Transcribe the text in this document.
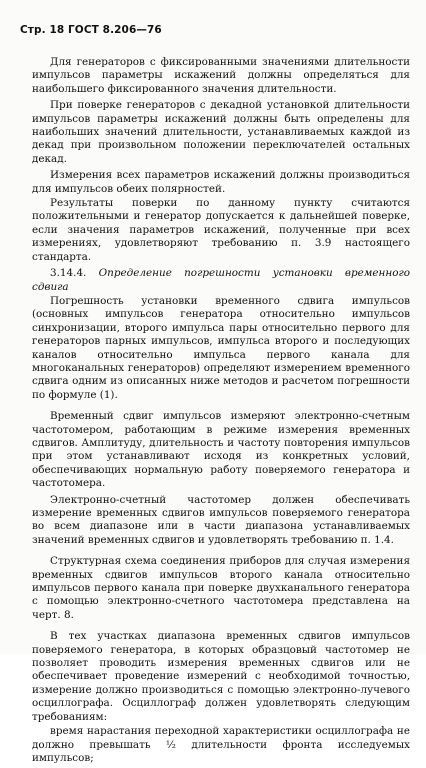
Стр. 18 ГОСТ 8.206—76

Для генераторов с фиксированными значениями длительности импульсов параметры искажений должны определяться для наибольшего фиксированного значения длительности.

При поверке генераторов с декадной установкой длительности импульсов параметры искажений должны быть определены для наибольших значений длительности, устанавливаемых каждой из декад при произвольном положении переключателей остальных декад.

Измерения всех параметров искажений должны производиться для импульсов обеих полярностей.

Результаты поверки по данному пункту считаются положительными и генератор допускается к дальнейшей поверке, если значения параметров искажений, полученные при всех измерениях, удовлетворяют требованию п. 3.9 настоящего стандарта.

3.14.4. Определение погрешности установки временного сдвига

Погрешность установки временного сдвига импульсов (основных импульсов генератора относительно импульсов синхронизации, второго импульса пары относительно первого для генераторов парных импульсов, импульса второго и последующих каналов относительно импульса первого канала для многоканальных генераторов) определяют измерением временного сдвига одним из описанных ниже методов и расчетом погрешности по формуле (1).

Временный сдвиг импульсов измеряют электронно-счетным частотомером, работающим в режиме измерения временных сдвигов. Амплитуду, длительность и частоту повторения импульсов при этом устанавливают исходя из конкретных условий, обеспечивающих нормальную работу поверяемого генератора и частотомера.

Электронно-счетный частотомер должен обеспечивать измерение временных сдвигов импульсов поверяемого генератора во всем диапазоне или в части диапазона устанавливаемых значений временных сдвигов и удовлетворять требованию п. 1.4.

Структурная схема соединения приборов для случая измерения временных сдвигов импульсов второго канала относительно импульсов первого канала при поверке двухканального генератора с помощью электронно-счетного частотомера представлена на черт. 8.

В тех участках диапазона временных сдвигов импульсов поверяемого генератора, в которых образцовый частотомер не позволяет проводить измерения временных сдвигов или не обеспечивает проведение измерений с необходимой точностью, измерение должно производиться с помощью электронно-лучевого осциллографа. Осциллограф должен удовлетворять следующим требованиям:

время нарастания переходной характеристики осциллографа не должно превышать ¹⁄₂ длительности фронта исследуемых импульсов;
